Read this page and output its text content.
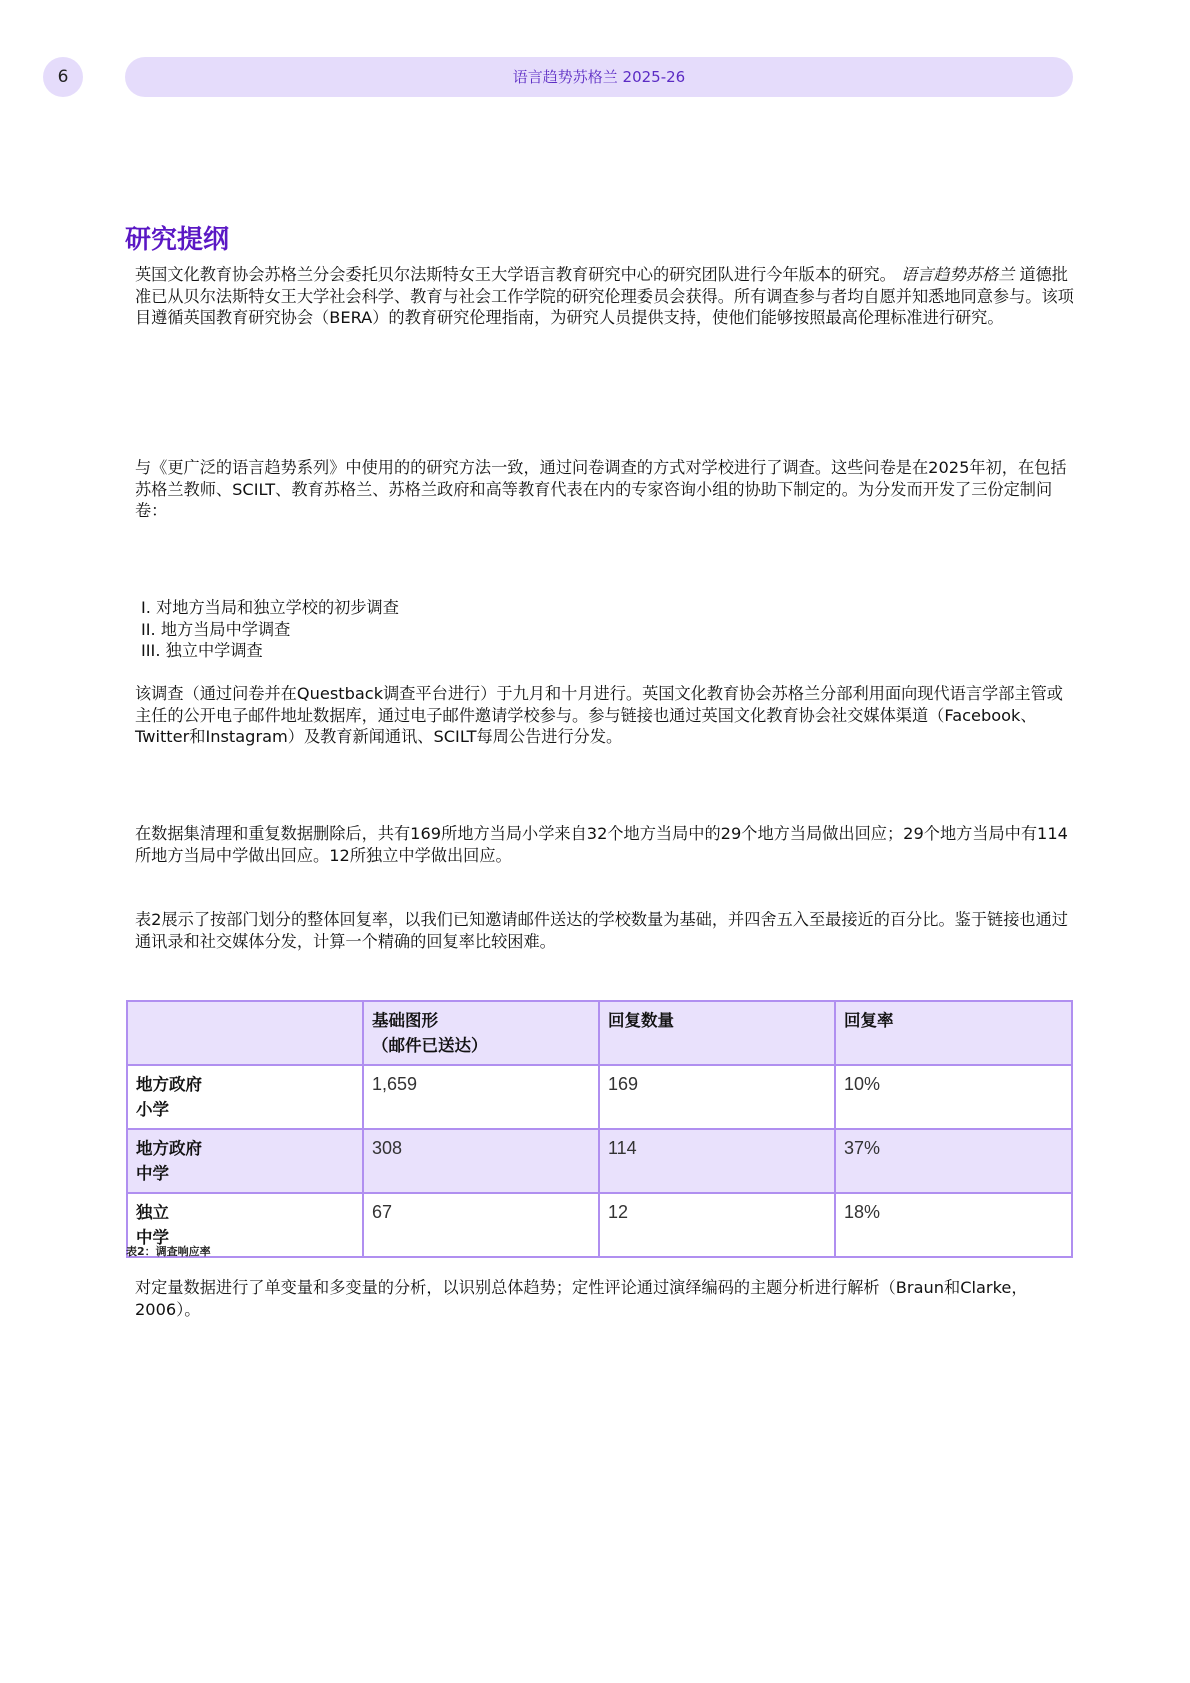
6	语言趋势苏格兰 2025-26
研究提纲

英国文化教育协会苏格兰分会委托贝尔法斯特女王大学语言教育研究中心的研究团队进行今年版本的研究。 语言趋势苏格兰 道德批准已从贝尔法斯特女王大学社会科学、教育与社会工作学院的研究伦理委员会获得。所有调查参与者均自愿并知悉地同意参与。该项目遵循英国教育研究协会（BERA）的教育研究伦理指南，为研究人员提供支持，使他们能够按照最高伦理标准进行研究。

与《更广泛的语言趋势系列》中使用的的研究方法一致，通过问卷调查的方式对学校进行了调查。这些问卷是在2025年初，在包括苏格兰教师、SCILT、教育苏格兰、苏格兰政府和高等教育代表在内的专家咨询小组的协助下制定的。为分发而开发了三份定制问卷：

I. 对地方当局和独立学校的初步调查
II. 地方当局中学调查
III. 独立中学调查

该调查（通过问卷并在Questback调查平台进行）于九月和十月进行。英国文化教育协会苏格兰分部利用面向现代语言学部主管或主任的公开电子邮件地址数据库，通过电子邮件邀请学校参与。参与链接也通过英国文化教育协会社交媒体渠道（Facebook、Twitter和Instagram）及教育新闻通讯、SCILT每周公告进行分发。

在数据集清理和重复数据删除后，共有169所地方当局小学来自32个地方当局中的29个地方当局做出回应；29个地方当局中有114所地方当局中学做出回应。12所独立中学做出回应。

表2展示了按部门划分的整体回复率，以我们已知邀请邮件送达的学校数量为基础，并四舍五入至最接近的百分比。鉴于链接也通过通讯录和社交媒体分发，计算一个精确的回复率比较困难。

	基础图形
（邮件已送达）	回复数量	回复率
地方政府
小学	1,659	169	10%
地方政府
中学	308	114	37%
独立
中学	67	12	18%

表2：调查响应率

对定量数据进行了单变量和多变量的分析，以识别总体趋势；定性评论通过演绎编码的主题分析进行解析（Braun和Clarke，2006）。
